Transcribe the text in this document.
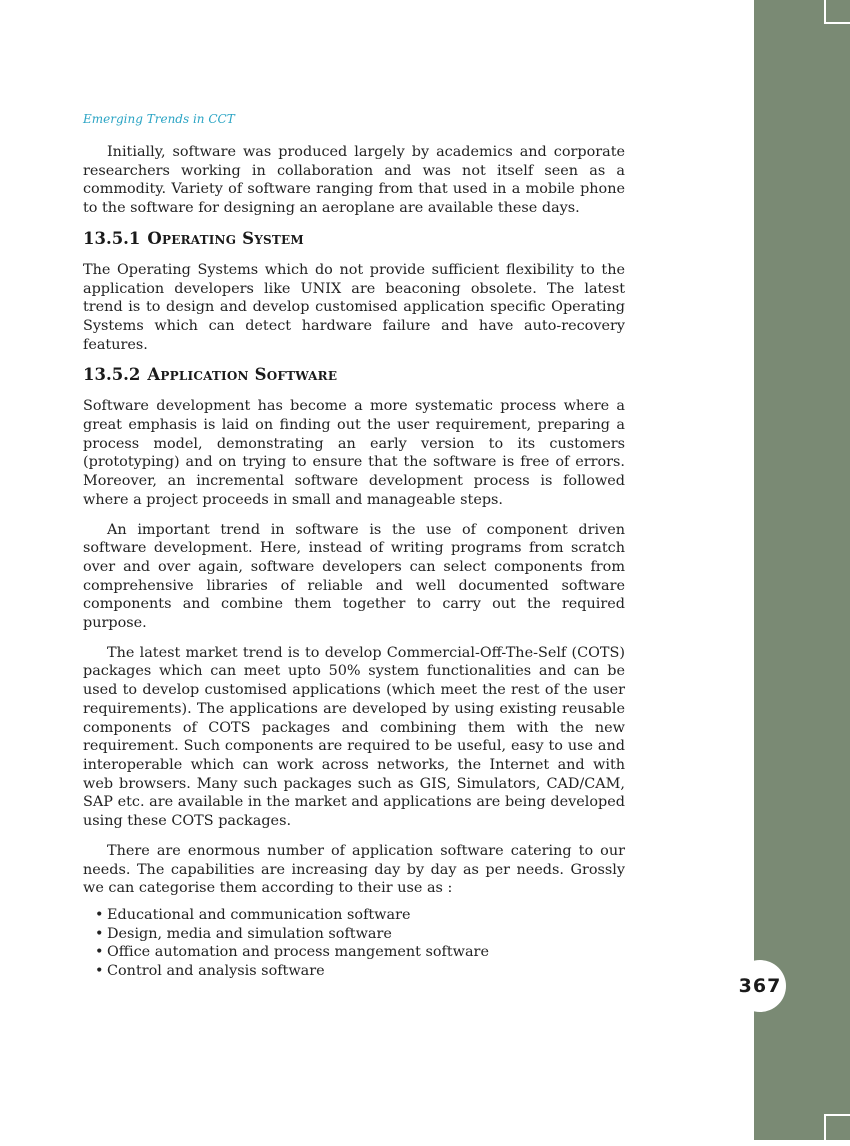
367
Emerging Trends in CCT

Initially, software was produced largely by academics and corporate researchers working in collaboration and was not itself seen as a commodity. Variety of software ranging from that used in a mobile phone to the software for designing an aeroplane are available these days.

13.5.1 Operating System

The Operating Systems which do not provide sufficient flexibility to the application developers like UNIX are beaconing obsolete. The latest trend is to design and develop customised application specific Operating Systems which can detect hardware failure and have auto-recovery features.

13.5.2 Application Software

Software development has become a more systematic process where a great emphasis is laid on finding out the user requirement, preparing a process model, demonstrating an early version to its customers (prototyping) and on trying to ensure that the software is free of errors. Moreover, an incremental software development process is followed where a project proceeds in small and manageable steps.

An important trend in software is the use of component driven software development. Here, instead of writing programs from scratch over and over again, software developers can select components from comprehensive libraries of reliable and well documented software components and combine them together to carry out the required purpose.

The latest market trend is to develop Commercial-Off-The-Self (COTS) packages which can meet upto 50% system functionalities and can be used to develop customised applications (which meet the rest of the user requirements). The applications are developed by using existing reusable components of COTS packages and combining them with the new requirement. Such components are required to be useful, easy to use and interoperable which can work across networks, the Internet and with web browsers. Many such packages such as GIS, Simulators, CAD/CAM, SAP etc. are available in the market and applications are being developed using these COTS packages.

There are enormous number of application software catering to our needs. The capabilities are increasing day by day as per needs. Grossly we can categorise them according to their use as :

• Educational and communication software
• Design, media and simulation software
• Office automation and process mangement software
• Control and analysis software
